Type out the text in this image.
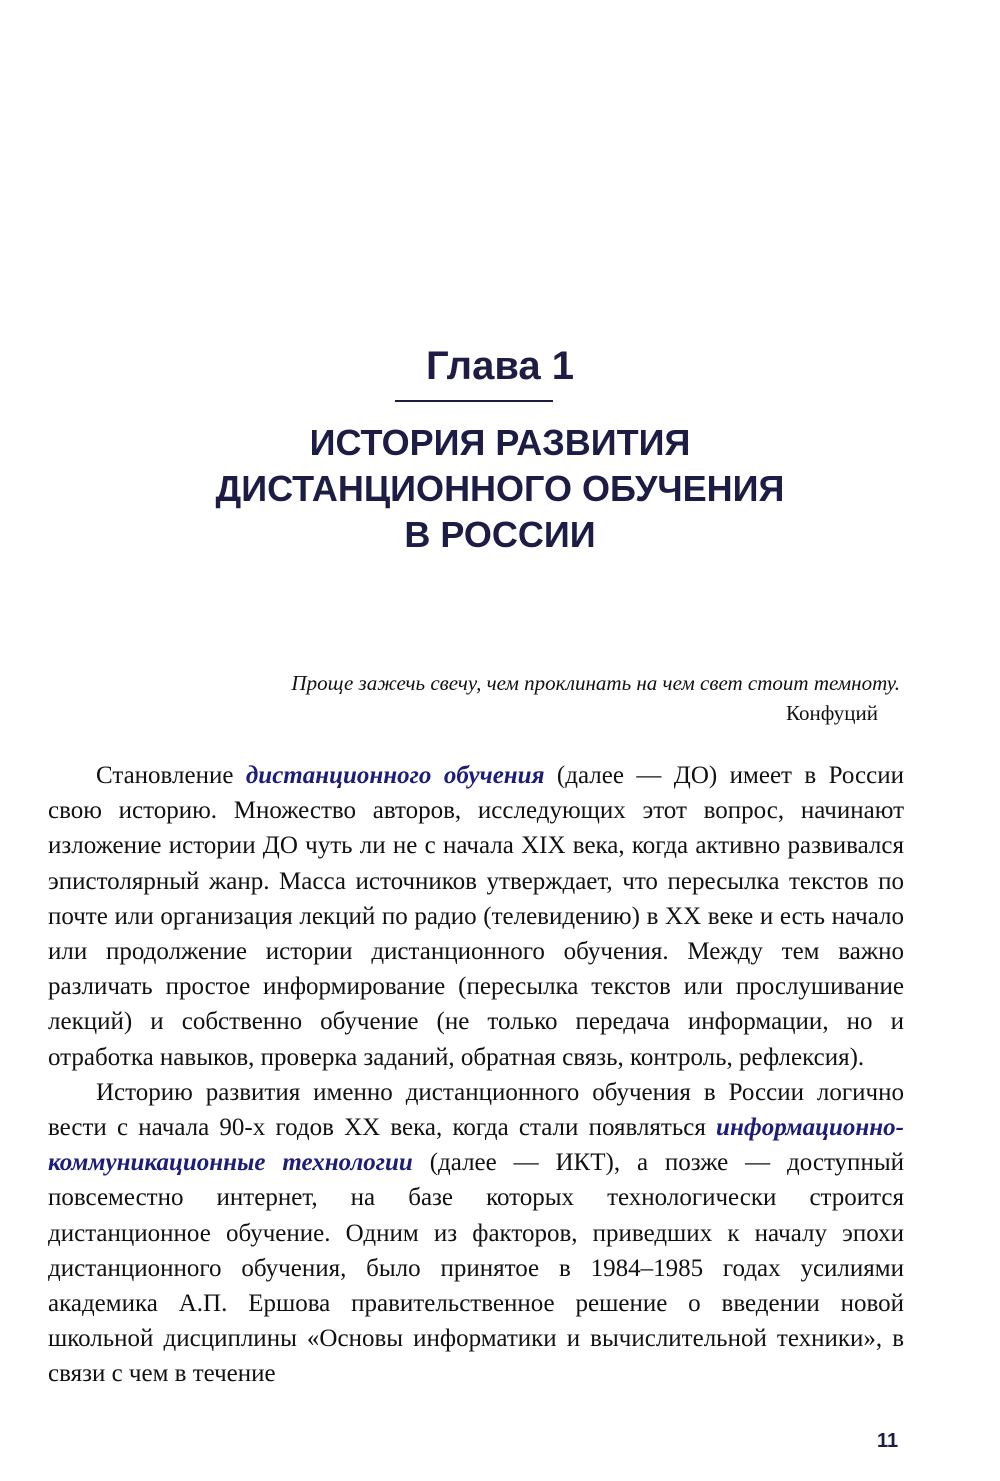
Глава 1
ИСТОРИЯ РАЗВИТИЯ
ДИСТАНЦИОННОГО ОБУЧЕНИЯ
В РОССИИ
Проще зажечь свечу, чем проклинать на чем свет стоит темноту.
Конфуций

Становление дистанционного обучения (далее — ДО) имеет в России свою историю. Множество авторов, исследующих этот вопрос, начинают изложение истории ДО чуть ли не с начала XIX века, когда активно развивался эпистолярный жанр. Масса источников утверждает, что пересылка текстов по почте или организация лекций по радио (телевидению) в XX веке и есть начало или продолжение истории дистанционного обучения. Между тем важно различать простое информирование (пересылка текстов или прослушивание лекций) и собственно обучение (не только передача информации, но и отработка навыков, проверка заданий, обратная связь, контроль, рефлексия).

Историю развития именно дистанционного обучения в России логично вести с начала 90-х годов XX века, когда стали появляться информационно-коммуникационные технологии (далее — ИКТ), а позже — доступный повсеместно интернет, на базе которых технологически строится дистанционное обучение. Одним из факторов, приведших к началу эпохи дистанционного обучения, было принятое в 1984–1985 годах усилиями академика А.П. Ершова правительственное решение о введении новой школьной дисциплины «Основы информатики и вычислительной техники», в связи с чем в течение

11
